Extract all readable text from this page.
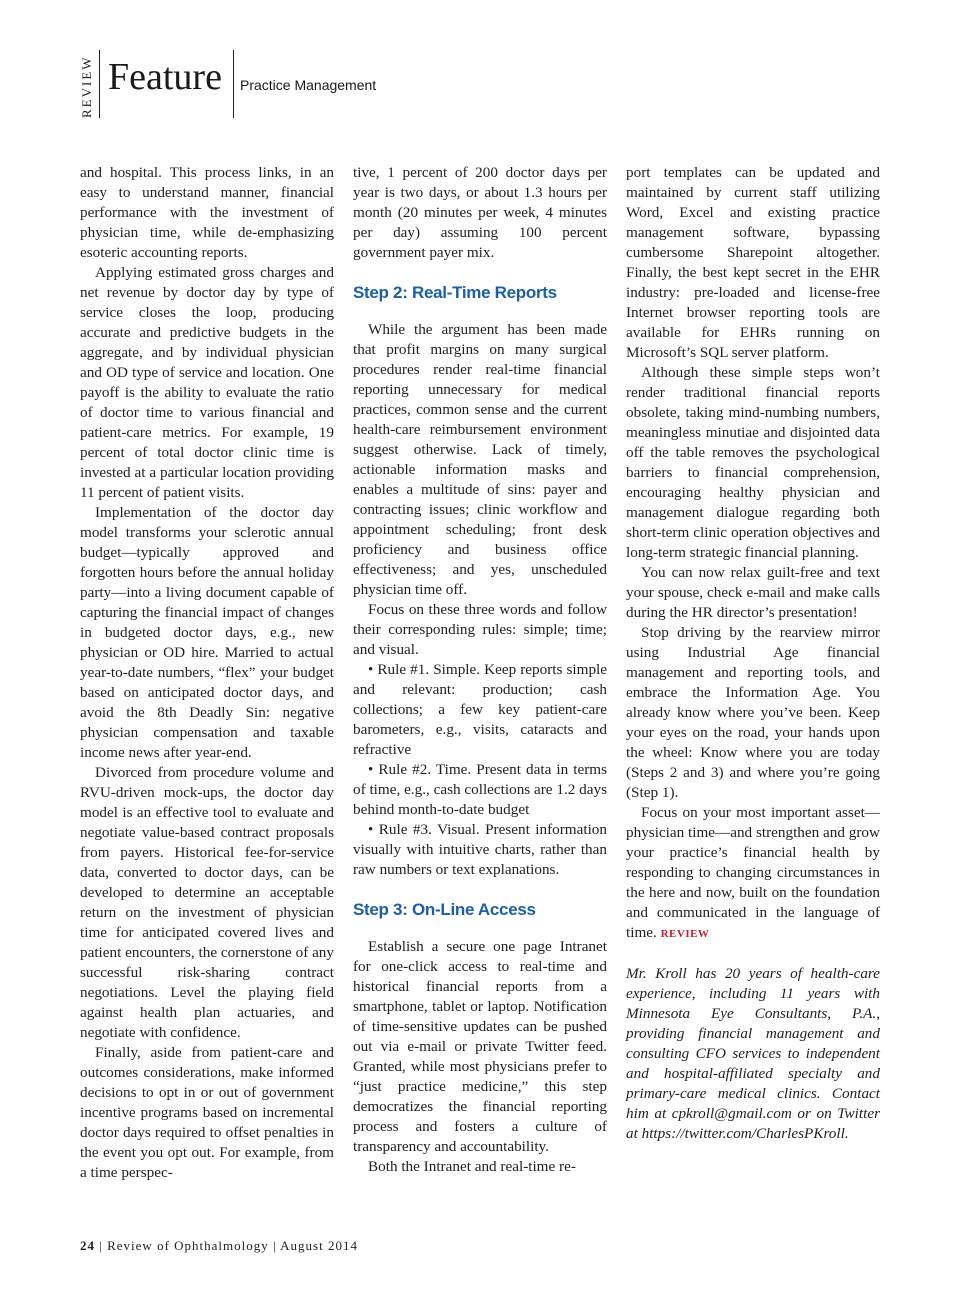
REVIEW Feature Practice Management

and hospital. This process links, in an easy to understand manner, financial performance with the investment of physician time, while de-emphasizing esoteric accounting reports.

Applying estimated gross charges and net revenue by doctor day by type of service closes the loop, producing accurate and predictive budgets in the aggregate, and by individual physician and OD type of service and location. One payoff is the ability to evaluate the ratio of doctor time to various financial and patient-care metrics. For example, 19 percent of total doctor clinic time is invested at a particular location providing 11 percent of patient visits.

Implementation of the doctor day model transforms your sclerotic annual budget—typically approved and forgotten hours before the annual holiday party—into a living document capable of capturing the financial impact of changes in budgeted doctor days, e.g., new physician or OD hire. Married to actual year-to-date numbers, “flex” your budget based on anticipated doctor days, and avoid the 8th Deadly Sin: negative physician compensation and taxable income news after year-end.

Divorced from procedure volume and RVU-driven mock-ups, the doctor day model is an effective tool to evaluate and negotiate value-based contract proposals from payers. Historical fee-for-service data, converted to doctor days, can be developed to determine an acceptable return on the investment of physician time for anticipated covered lives and patient encounters, the cornerstone of any successful risk-sharing contract negotiations. Level the playing field against health plan actuaries, and negotiate with confidence.

Finally, aside from patient-care and outcomes considerations, make informed decisions to opt in or out of government incentive programs based on incremental doctor days required to offset penalties in the event you opt out. For example, from a time perspec-

tive, 1 percent of 200 doctor days per year is two days, or about 1.3 hours per month (20 minutes per week, 4 minutes per day) assuming 100 percent government payer mix.

Step 2: Real-Time Reports

While the argument has been made that profit margins on many surgical procedures render real-time financial reporting unnecessary for medical practices, common sense and the current health-care reimbursement environment suggest otherwise. Lack of timely, actionable information masks and enables a multitude of sins: payer and contracting issues; clinic workflow and appointment scheduling; front desk proficiency and business office effectiveness; and yes, unscheduled physician time off.

Focus on these three words and follow their corresponding rules: simple; time; and visual.

• Rule #1. Simple. Keep reports simple and relevant: production; cash collections; a few key patient-care barometers, e.g., visits, cataracts and refractive

• Rule #2. Time. Present data in terms of time, e.g., cash collections are 1.2 days behind month-to-date budget

• Rule #3. Visual. Present information visually with intuitive charts, rather than raw numbers or text explanations.

Step 3: On-Line Access

Establish a secure one page Intranet for one-click access to real-time and historical financial reports from a smartphone, tablet or laptop. Notification of time-sensitive updates can be pushed out via e-mail or private Twitter feed. Granted, while most physicians prefer to “just practice medicine,” this step democratizes the financial reporting process and fosters a culture of transparency and accountability.

Both the Intranet and real-time re-

port templates can be updated and maintained by current staff utilizing Word, Excel and existing practice management software, bypassing cumbersome Sharepoint altogether. Finally, the best kept secret in the EHR industry: pre-loaded and license-free Internet browser reporting tools are available for EHRs running on Microsoft’s SQL server platform.

Although these simple steps won’t render traditional financial reports obsolete, taking mind-numbing numbers, meaningless minutiae and disjointed data off the table removes the psychological barriers to financial comprehension, encouraging healthy physician and management dialogue regarding both short-term clinic operation objectives and long-term strategic financial planning.

You can now relax guilt-free and text your spouse, check e-mail and make calls during the HR director’s presentation!

Stop driving by the rearview mirror using Industrial Age financial management and reporting tools, and embrace the Information Age. You already know where you’ve been. Keep your eyes on the road, your hands upon the wheel: Know where you are today (Steps 2 and 3) and where you’re going (Step 1).

Focus on your most important asset—physician time—and strengthen and grow your practice’s financial health by responding to changing circumstances in the here and now, built on the foundation and communicated in the language of time. REVIEW

Mr. Kroll has 20 years of health-care experience, including 11 years with Minnesota Eye Consultants, P.A., providing financial management and consulting CFO services to independent and hospital-affiliated specialty and primary-care medical clinics. Contact him at cpkroll@gmail.com or on Twitter at https://twitter.com/CharlesPKroll.

24 | Review of Ophthalmology | August 2014
